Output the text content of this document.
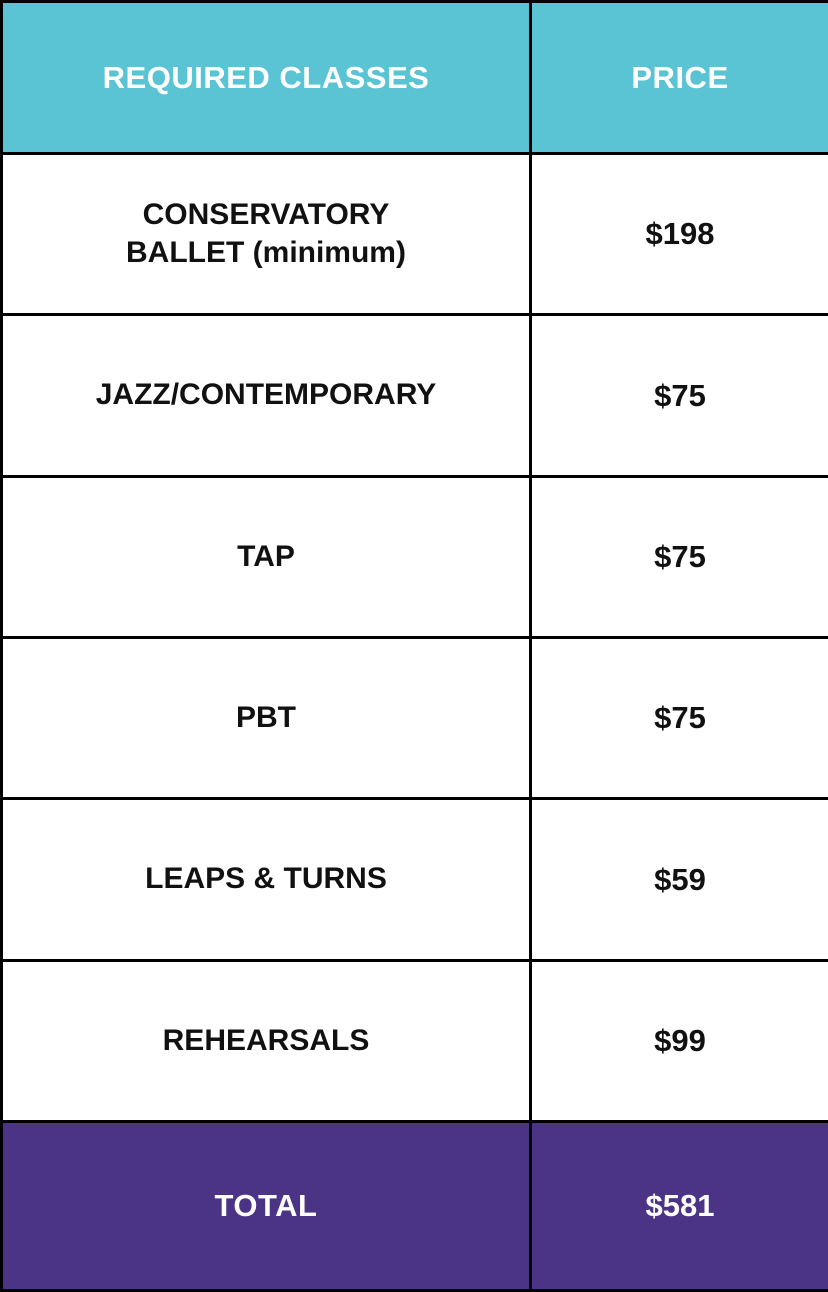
REQUIRED CLASSES	PRICE

CONSERVATORY
BALLET (minimum)	$198
JAZZ/CONTEMPORARY	$75
TAP	$75
PBT	$75
LEAPS & TURNS	$59
REHEARSALS	$99
TOTAL	$581
